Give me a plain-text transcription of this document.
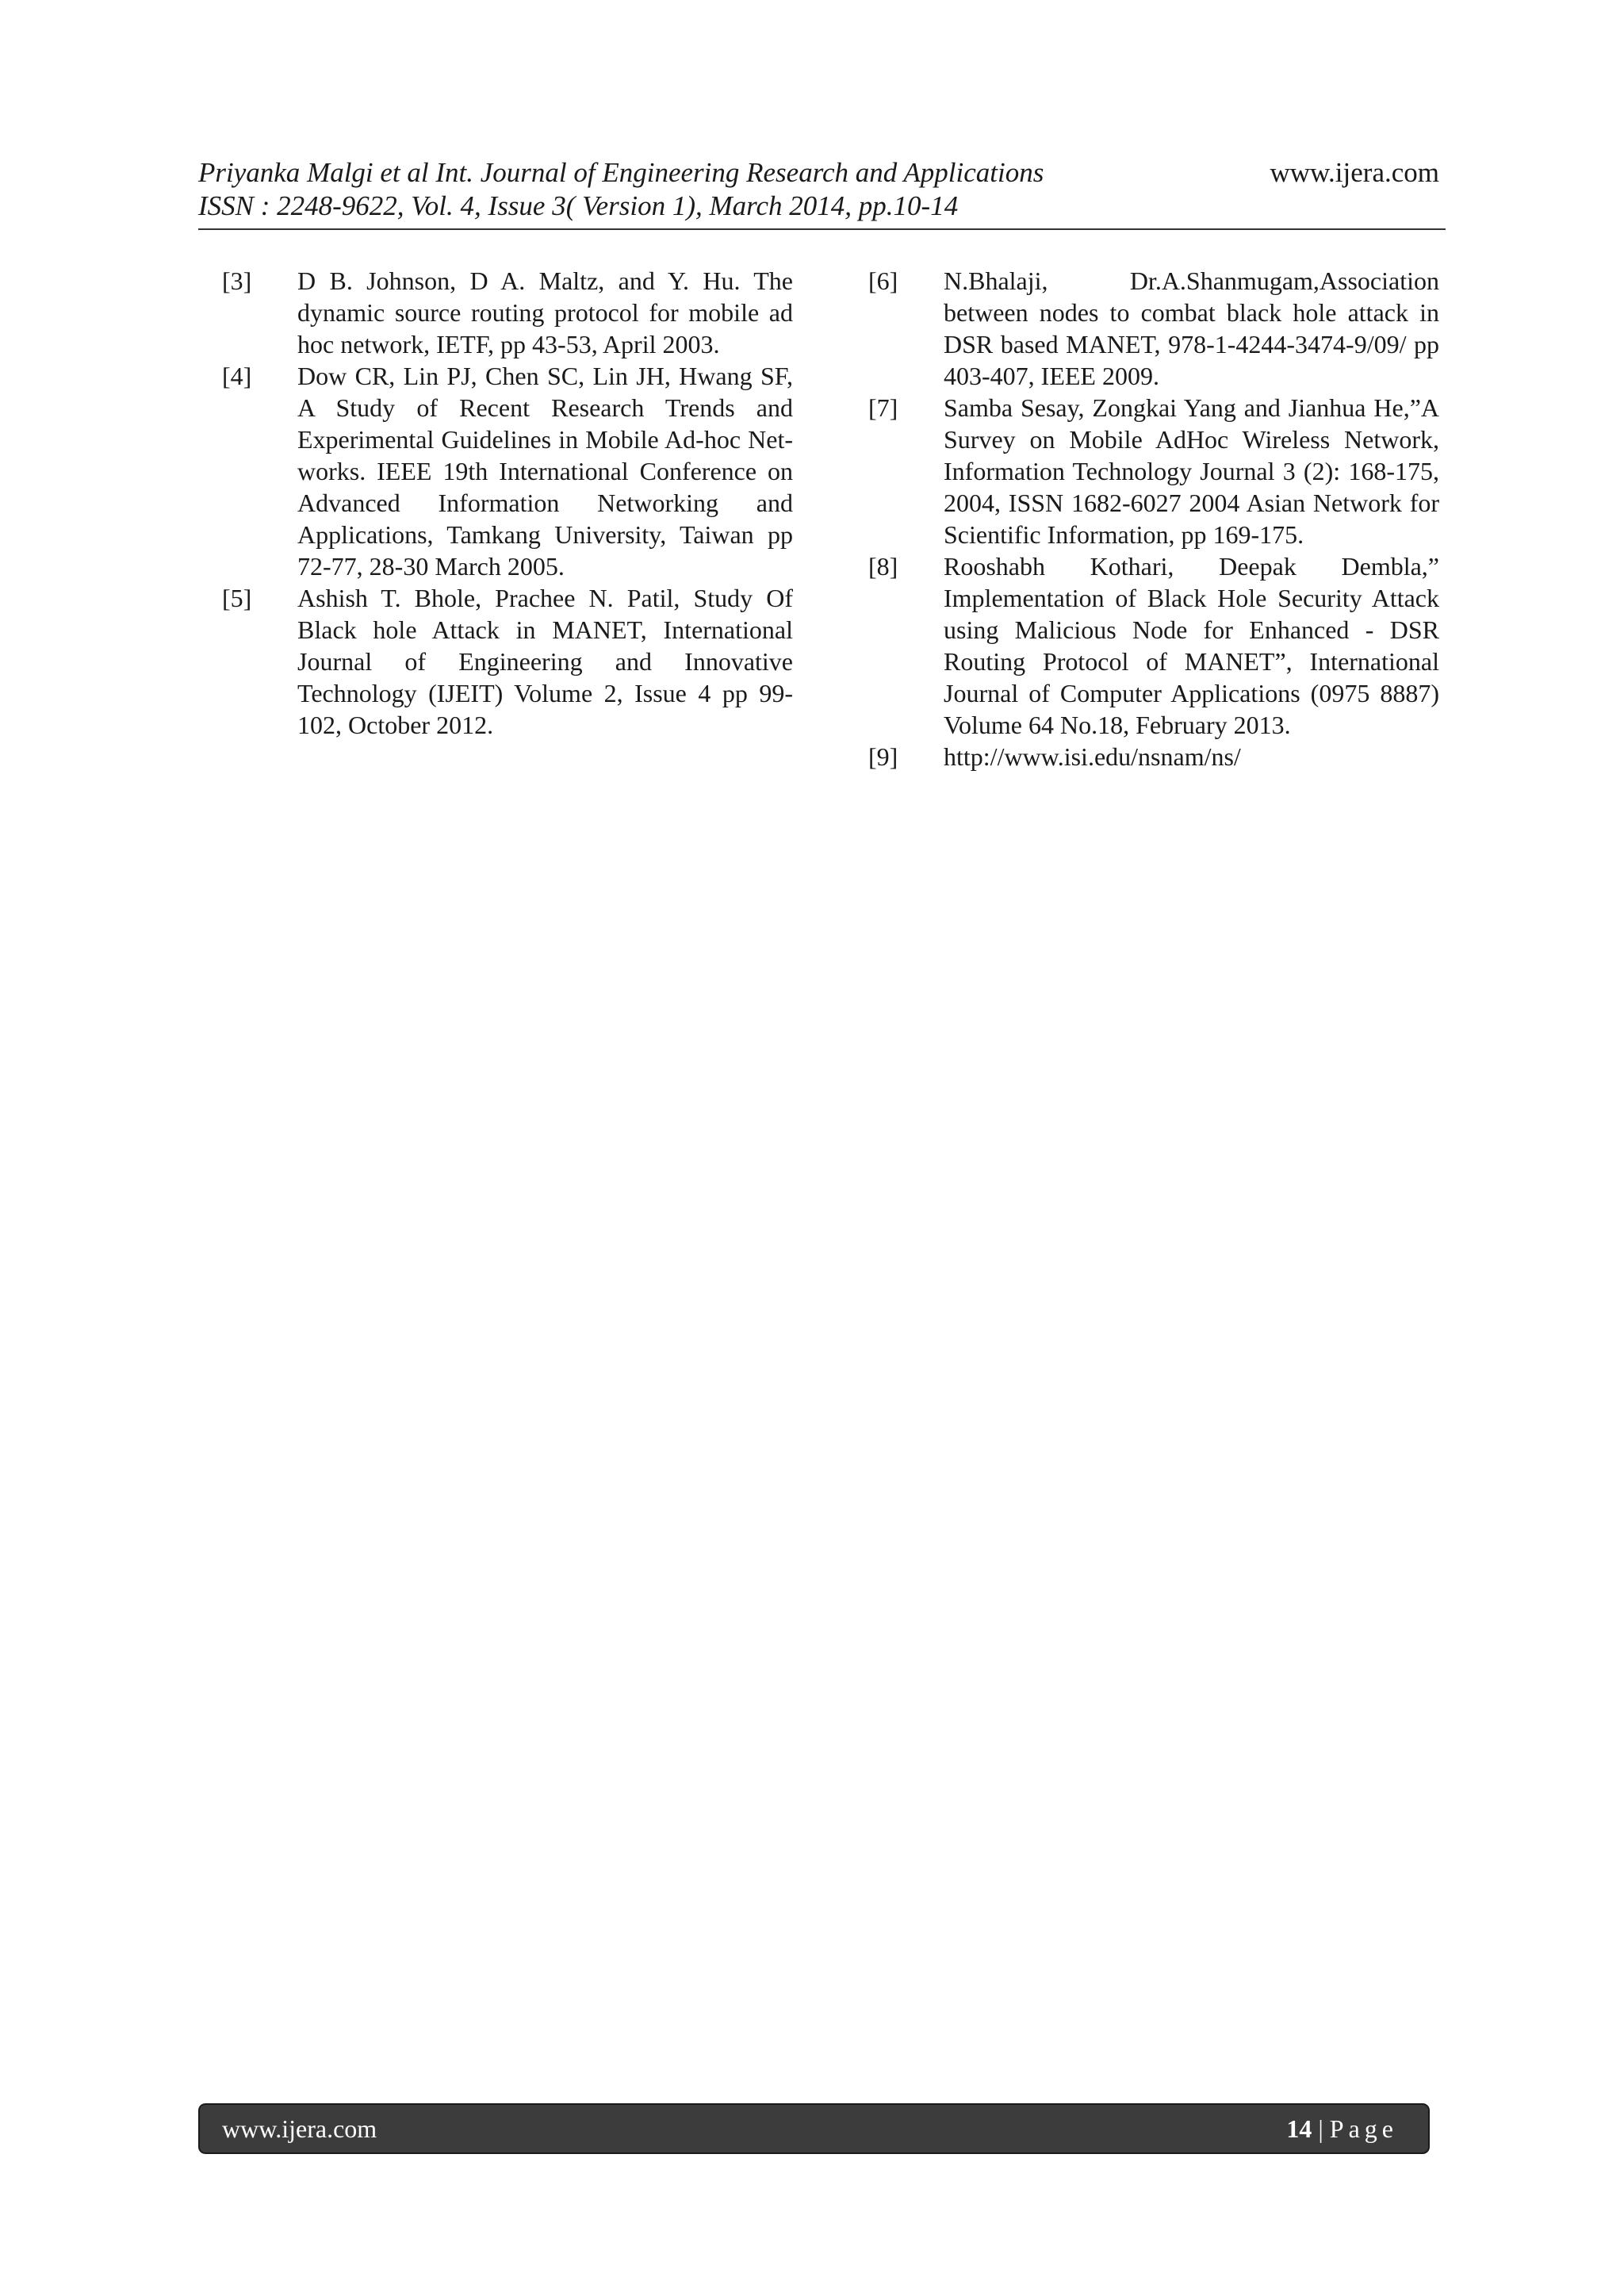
Priyanka Malgi et al Int. Journal of Engineering Research and Applications
ISSN : 2248-9622, Vol. 4, Issue 3( Version 1), March 2014, pp.10-14
www.ijera.com
[3] D B. Johnson, D A. Maltz, and Y. Hu. The dynamic source routing protocol for mobile ad hoc network, IETF, pp 43-53, April 2003.
[4] Dow CR, Lin PJ, Chen SC, Lin JH, Hwang SF, A Study of Recent Research Trends and Experimental Guidelines in Mobile Ad-hoc Net- works. IEEE 19th International Conference on Advanced Information Networking and Applications, Tamkang University, Taiwan pp 72-77, 28-30 March 2005.
[5] Ashish T. Bhole, Prachee N. Patil, Study Of Black hole Attack in MANET, International Journal of Engineering and Innovative Technology (IJEIT) Volume 2, Issue 4 pp 99-102, October 2012.
[6] N.Bhalaji, Dr.A.Shanmugam,Association between nodes to combat black hole attack in DSR based MANET, 978-1-4244-3474-9/09/ pp 403-407, IEEE 2009.
[7] Samba Sesay, Zongkai Yang and Jianhua He,”A Survey on Mobile AdHoc Wireless Network, Information Technology Journal 3 (2): 168-175, 2004, ISSN 1682-6027 2004 Asian Network for Scientific Information, pp 169-175.
[8] Rooshabh Kothari, Deepak Dembla,” Implementation of Black Hole Security Attack using Malicious Node for Enhanced - DSR Routing Protocol of MANET”, International Journal of Computer Applications (0975 8887) Volume 64 No.18, February 2013.
[9] http://www.isi.edu/nsnam/ns/
www.ijera.com	14 | Page
